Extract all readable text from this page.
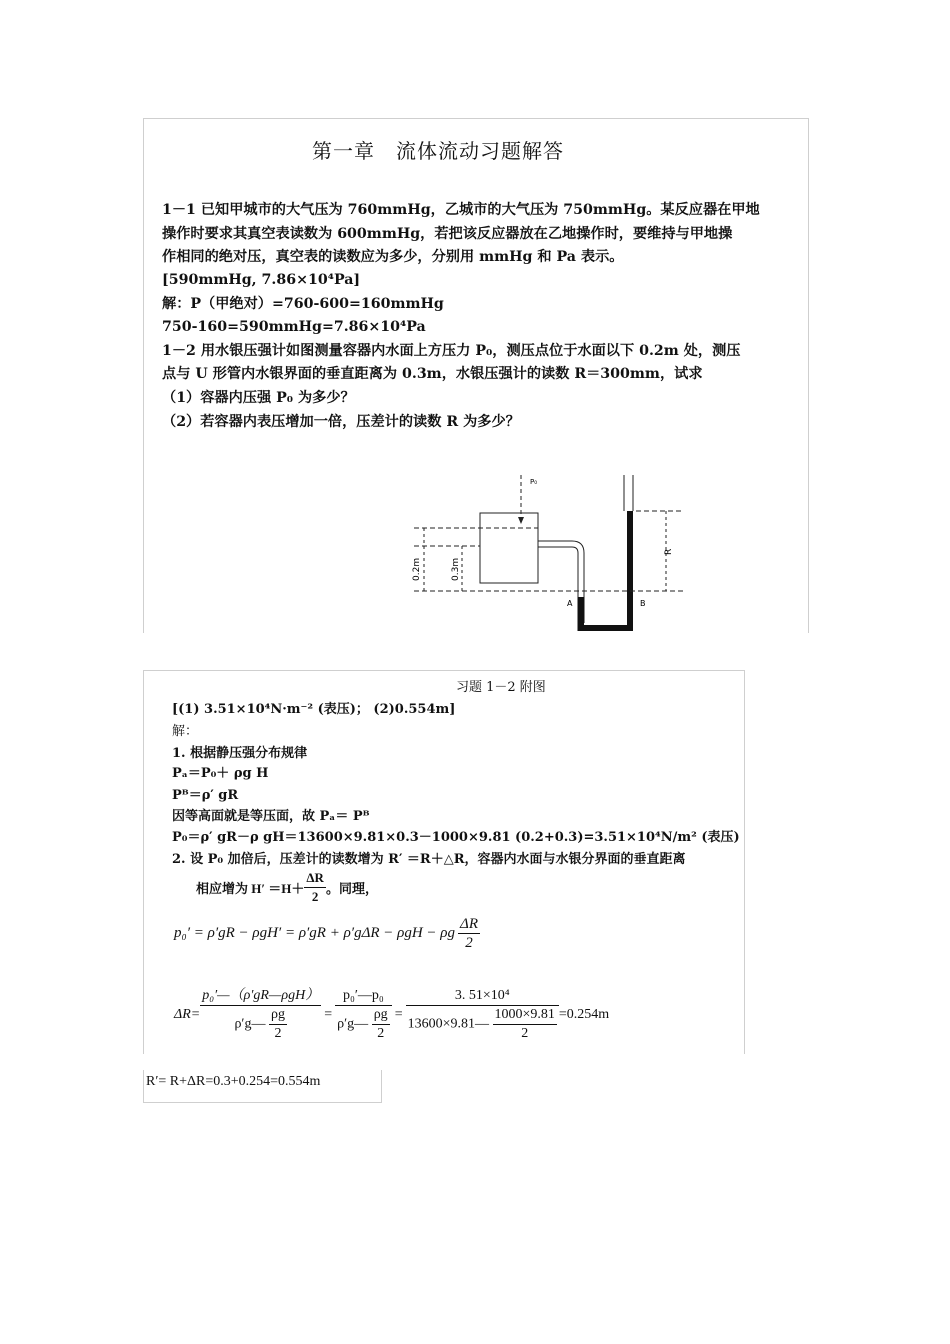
第一章　流体流动习题解答
1－1 已知甲城市的大气压为 760mmHg，乙城市的大气压为 750mmHg。某反应器在甲地
操作时要求其真空表读数为 600mmHg，若把该反应器放在乙地操作时，要维持与甲地操
作相同的绝对压，真空表的读数应为多少，分别用 mmHg 和 Pa 表示。
[590mmHg, 7.86×10⁴Pa]
解：P（甲绝对）=760-600=160mmHg
750-160=590mmHg=7.86×10⁴Pa
1－2 用水银压强计如图测量容器内水面上方压力 P₀，测压点位于水面以下 0.2m 处，测压
点与 U 形管内水银界面的垂直距离为 0.3m，水银压强计的读数 R＝300mm，试求
（1）容器内压强 P₀ 为多少？
（2）若容器内表压增加一倍，压差计的读数 R 为多少？
P₀
0.2m	0.3m
R
A	B
习题 1－2 附图
[(1) 3.51×10⁴N·m⁻² (表压)； (2)0.554m]
解：
1. 根据静压强分布规律
Pₐ＝P₀＋ ρg H
Pᴮ＝ρ′ gR
因等高面就是等压面，故 Pₐ＝ Pᴮ
P₀＝ρ′ gR－ρ gH＝13600×9.81×0.3－1000×9.81 (0.2+0.3)=3.51×10⁴N/m² (表压)
2. 设 P₀ 加倍后，压差计的读数增为 R′ ＝R＋△R，容器内水面与水银分界面的垂直距离
相应增为 $H' =H+ \frac{\Delta R}{2}$ 。同理，
p₀′ = ρ′gR − ρgH′ = ρ′gR + ρ′gΔR − ρgH − ρg $\frac{\Delta R}{2}$
$\Delta R= \frac{\text{p₀′—（ρ′gR—ρgH）}}{\rho'g— \frac{\rho g}{2}} = \frac{\text{p₀′—p₀}}{\rho'g— \frac{\rho g}{2}} = \frac{\text{3. 51×10⁴}}{13600\times 9.81— \frac{1000\times 9.81}{2}} =0.254m$
R′= R+ΔR=0.3+0.254=0.554m
